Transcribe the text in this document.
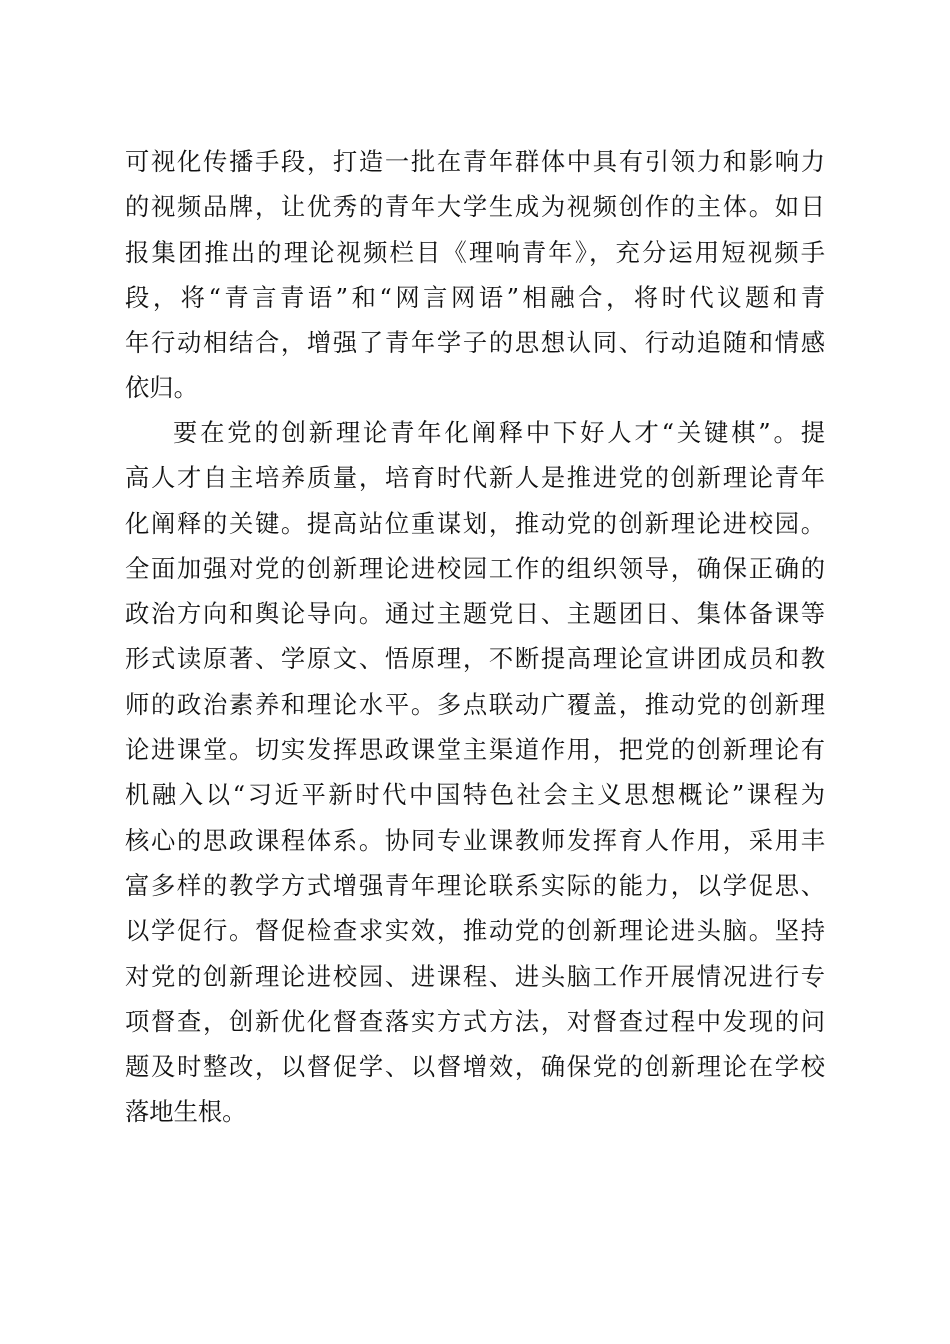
可视化传播手段，打造一批在青年群体中具有引领力和影响力
的视频品牌，让优秀的青年大学生成为视频创作的主体。如日
报集团推出的理论视频栏目《理响青年》，充分运用短视频手
段，将“青言青语”和“网言网语”相融合，将时代议题和青
年行动相结合，增强了青年学子的思想认同、行动追随和情感
依归。
要在党的创新理论青年化阐释中下好人才“关键棋”。提
高人才自主培养质量，培育时代新人是推进党的创新理论青年
化阐释的关键。提高站位重谋划，推动党的创新理论进校园。
全面加强对党的创新理论进校园工作的组织领导，确保正确的
政治方向和舆论导向。通过主题党日、主题团日、集体备课等
形式读原著、学原文、悟原理，不断提高理论宣讲团成员和教
师的政治素养和理论水平。多点联动广覆盖，推动党的创新理
论进课堂。切实发挥思政课堂主渠道作用，把党的创新理论有
机融入以“习近平新时代中国特色社会主义思想概论”课程为
核心的思政课程体系。协同专业课教师发挥育人作用，采用丰
富多样的教学方式增强青年理论联系实际的能力，以学促思、
以学促行。督促检查求实效，推动党的创新理论进头脑。坚持
对党的创新理论进校园、进课程、进头脑工作开展情况进行专
项督查，创新优化督查落实方式方法，对督查过程中发现的问
题及时整改，以督促学、以督增效，确保党的创新理论在学校
落地生根。
